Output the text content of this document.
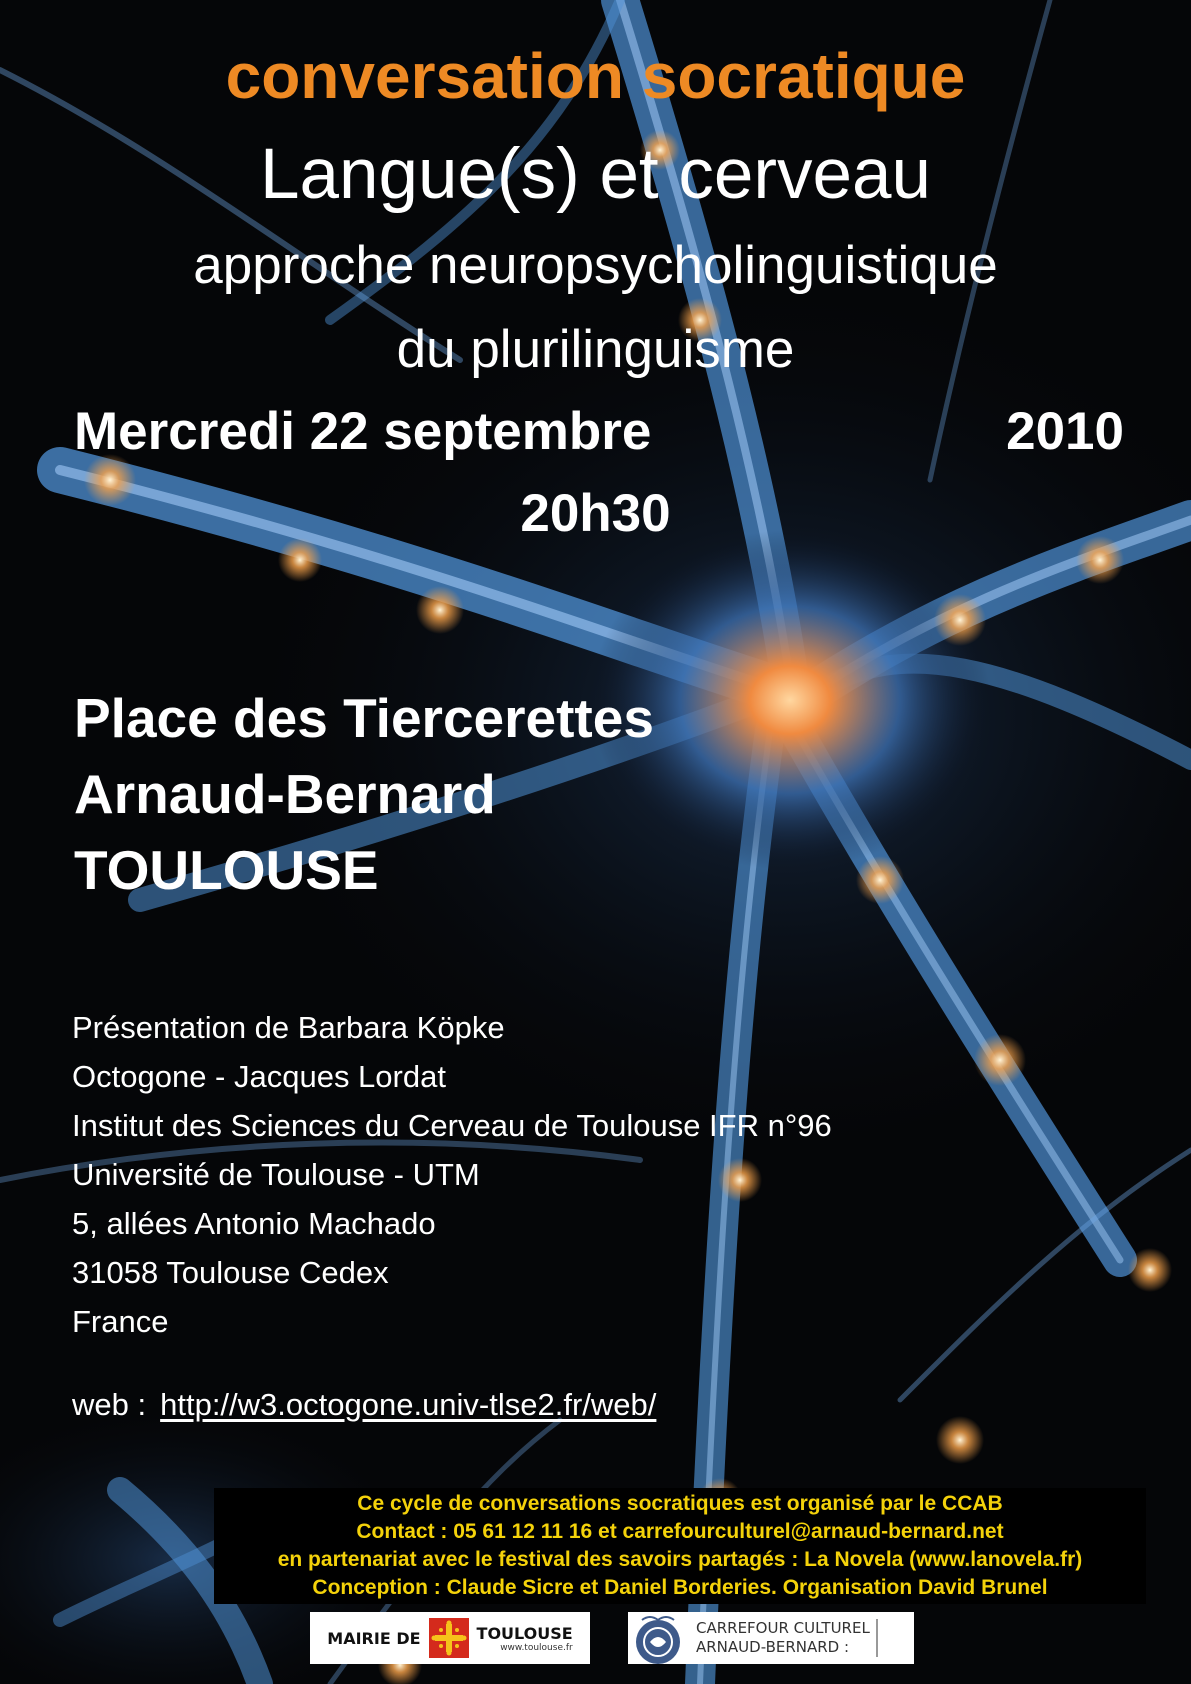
conversation socratique
Langue(s) et cerveau
approche neuropsycholinguistique
du plurilinguisme
Mercredi 22 septembre	2010
20h30
Place des Tiercerettes
Arnaud-Bernard
TOULOUSE
Présentation de Barbara Köpke
Octogone - Jacques Lordat
Institut des Sciences du Cerveau de Toulouse IFR n°96
Université de Toulouse - UTM
5, allées Antonio Machado
31058 Toulouse Cedex
France
web : http://w3.octogone.univ-tlse2.fr/web/
Ce cycle de conversations socratiques est organisé par le CCAB
Contact : 05 61 12 11 16 et carrefourculturel@arnaud-bernard.net
en partenariat avec le festival des savoirs partagés : La Novela (www.lanovela.fr)
Conception : Claude Sicre et Daniel Borderies. Organisation David Brunel
MAIRIE DE	TOULOUSE
www.toulouse.fr
CARREFOUR CULTUREL
ARNAUD-BERNARD :
